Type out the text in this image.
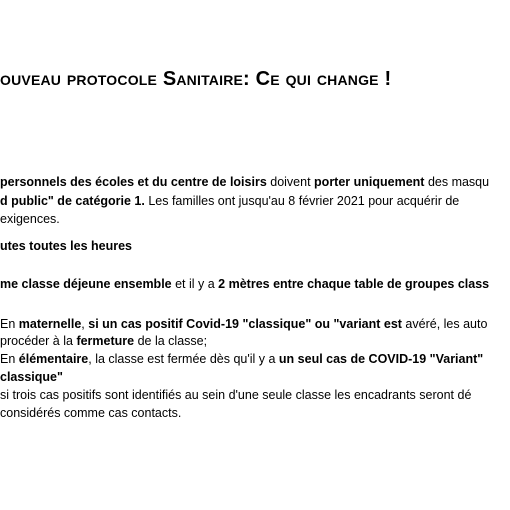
ouveau protocole Sanitaire: Ce qui change !
personnels des écoles et du centre de loisirs doivent porter uniquement des masqu
d public" de catégorie 1. Les familles ont jusqu'au 8 février 2021 pour acquérir de
exigences.
utes toutes les heures
me classe déjeune ensemble et il y a 2 mètres entre chaque table de groupes class
En maternelle, si un cas positif Covid-19 "classique" ou "variant est avéré, les auto
procéder à la fermeture de la classe;
En élémentaire, la classe est fermée dès qu'il y a un seul cas de COVID-19 "Variant"
classique"
si trois cas positifs sont identifiés au sein d'une seule classe les encadrants seront dé
considérés comme cas contacts.
